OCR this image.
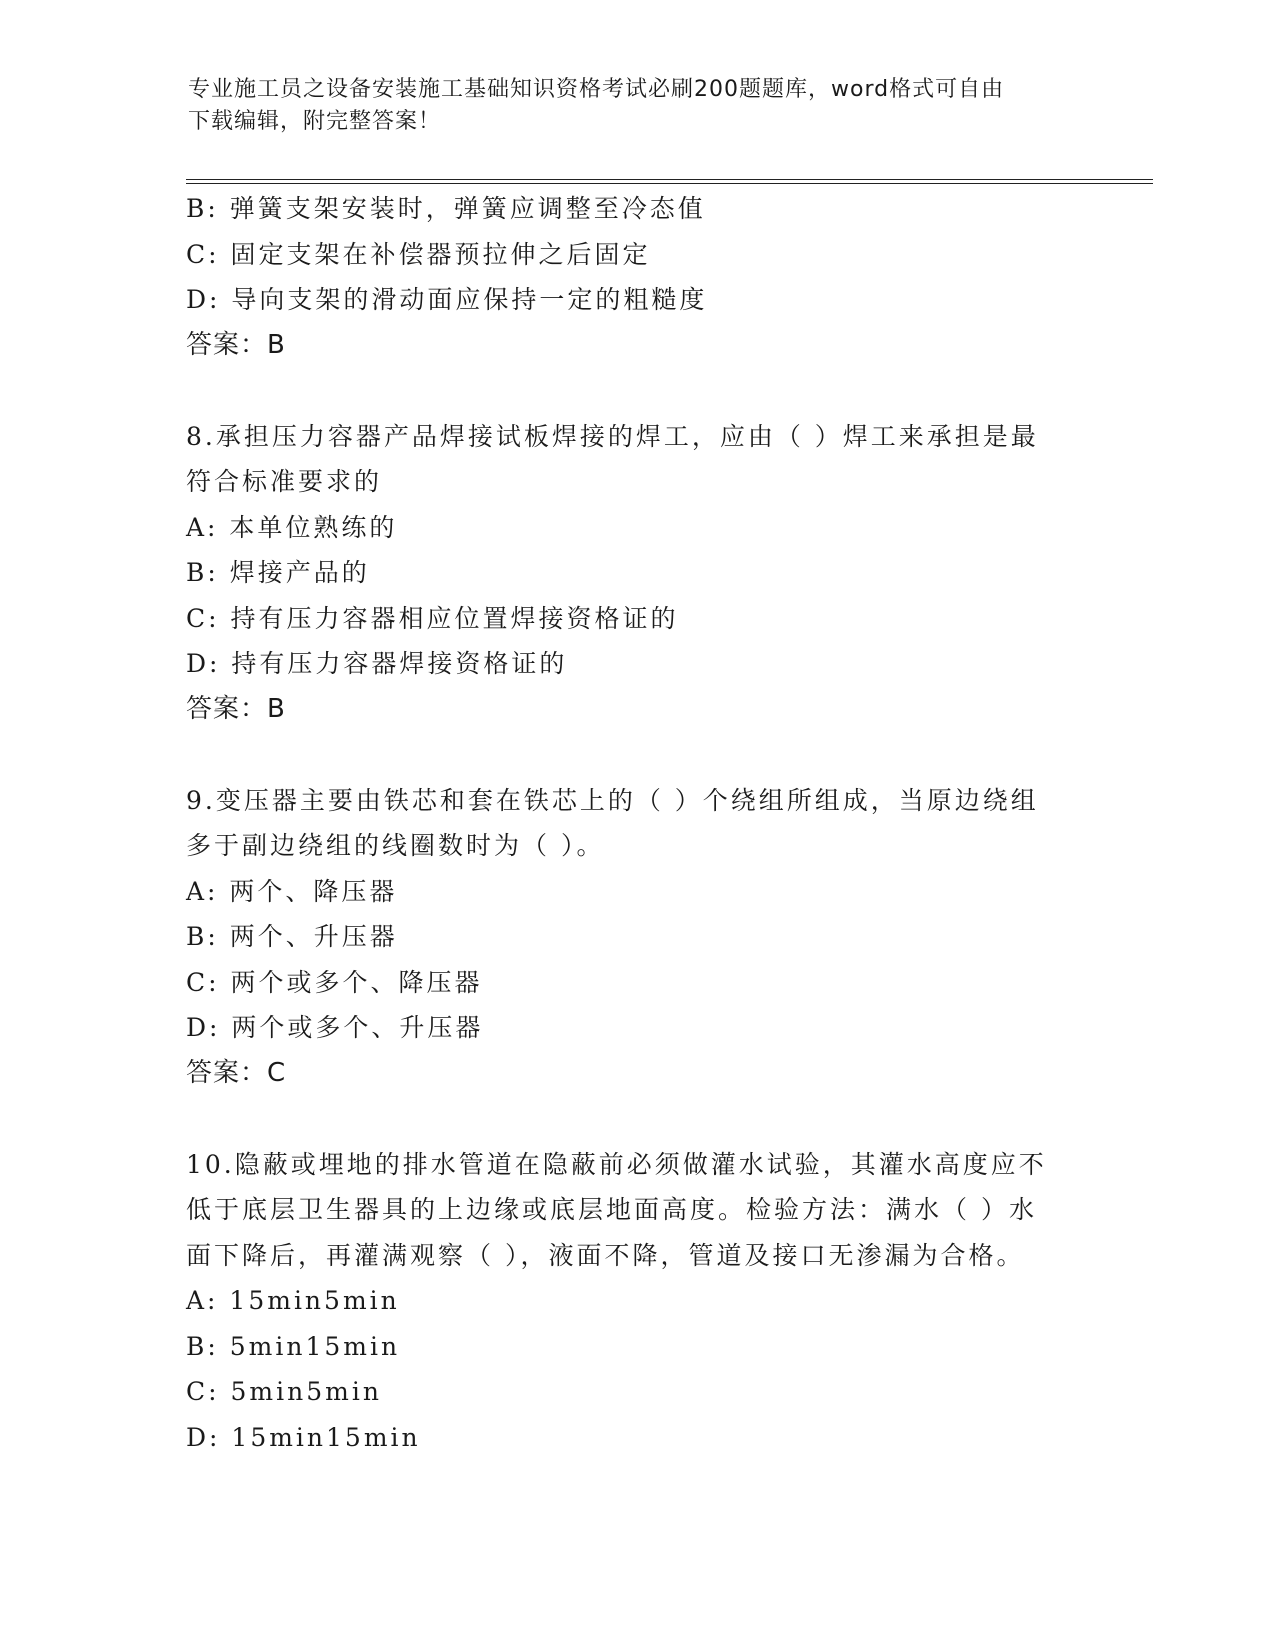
专业施工员之设备安装施工基础知识资格考试必刷200题题库，word格式可自由
下载编辑，附完整答案！
B: 弹簧支架安装时，弹簧应调整至冷态值
C: 固定支架在补偿器预拉伸之后固定
D: 导向支架的滑动面应保持一定的粗糙度
答案：B
8.承担压力容器产品焊接试板焊接的焊工，应由（ ）焊工来承担是最
符合标准要求的
A: 本单位熟练的
B: 焊接产品的
C: 持有压力容器相应位置焊接资格证的
D: 持有压力容器焊接资格证的
答案：B
9.变压器主要由铁芯和套在铁芯上的（ ）个绕组所组成，当原边绕组
多于副边绕组的线圈数时为（ ）。
A: 两个、降压器
B: 两个、升压器
C: 两个或多个、降压器
D: 两个或多个、升压器
答案：C
10.隐蔽或埋地的排水管道在隐蔽前必须做灌水试验，其灌水高度应不
低于底层卫生器具的上边缘或底层地面高度。检验方法：满水（ ）水
面下降后，再灌满观察（ ），液面不降，管道及接口无渗漏为合格。
A: 15min5min
B: 5min15min
C: 5min5min
D: 15min15min
